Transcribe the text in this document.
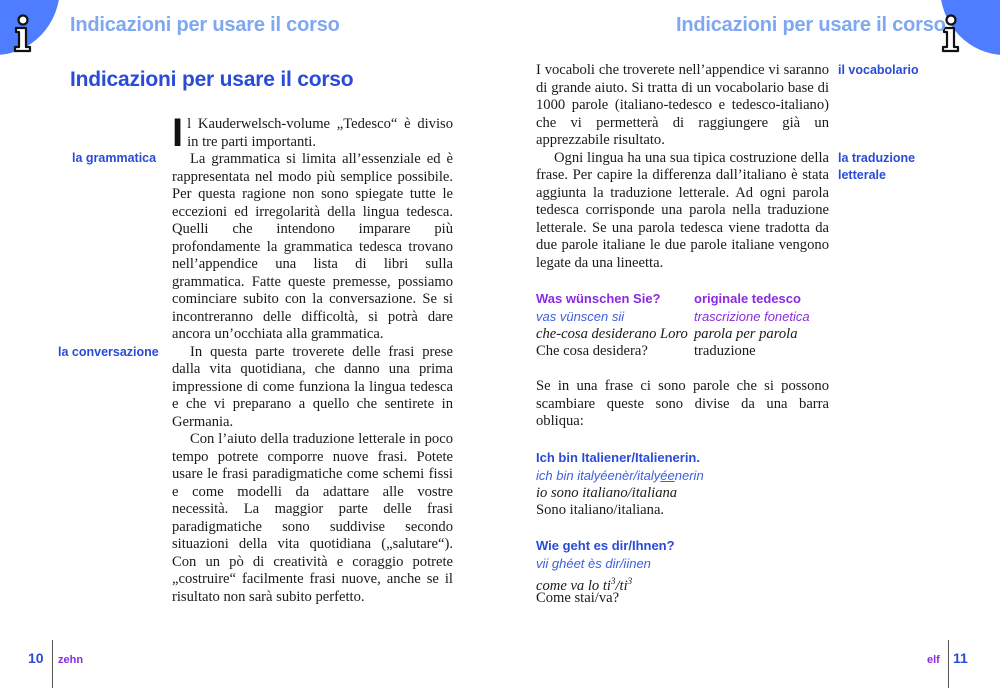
Indicazioni per usare il corso	Indicazioni per usare il corso
Indicazioni per usare il corso
la grammatica
la conversazione

Il Kauderwelsch-volume „Tedesco“ è diviso in tre parti importanti.

La grammatica si limita all’essenziale ed è rappresentata nel modo più semplice possibile. Per questa ragione non sono spiegate tutte le eccezioni ed irregolarità della lingua tedesca. Quelli che intendono imparare più profondamente la grammatica tedesca trovano nell’appendice una lista di libri sulla grammatica. Fatte queste premesse, possiamo cominciare subito con la conversazione. Se si incontreranno delle difficoltà, si potrà dare ancora un’occhiata alla grammatica.

In questa parte troverete delle frasi prese dalla vita quotidiana, che danno una prima impressione di come funziona la lingua tedesca e che vi preparano a quello che sentirete in Germania.

Con l’aiuto della traduzione letterale in poco tempo potrete comporre nuove frasi. Potete usare le frasi paradigmatiche come schemi fissi e come modelli da adattare alle vostre necessità. La maggior parte delle frasi paradigmatiche sono suddivise secondo situazioni della vita quotidiana („salutare“). Con un pò di creatività e coraggio potrete „costruire“ facilmente frasi nuove, anche se il risultato non sarà subito perfetto.

I vocaboli che troverete nell’appendice vi saranno di grande aiuto. Si tratta di un vocabolario base di 1000 parole (italiano-tedesco e tedesco-italiano) che vi permetterà di raggiungere già un apprezzabile risultato.

Ogni lingua ha una sua tipica costruzione della frase. Per capire la differenza dall’italiano è stata aggiunta la traduzione letterale. Ad ogni parola tedesca corrisponde una parola nella traduzione letterale. Se una parola tedesca viene tradotta da due parole italiane le due parole italiane vengono legate da una lineetta.

il vocabolario
la traduzione
letterale
Was wünschen Sie?
vas vünscen sii
che-cosa desiderano Loro
Che cosa desidera?
originale tedesco
trascrizione fonetica
parola per parola
traduzione
Se in una frase ci sono parole che si possono scambiare queste sono divise da una barra obliqua:
Ich bin Italiener/Italienerin.
ich bin italyéenèr/italyéenerin
io sono italiano/italiana
Sono italiano/italiana.
Wie geht es dir/Ihnen?
vii ghéet ès dir/iinen
come va lo $ti^3/ti^3$
Come stai/va?
10 zehn	elf 11
